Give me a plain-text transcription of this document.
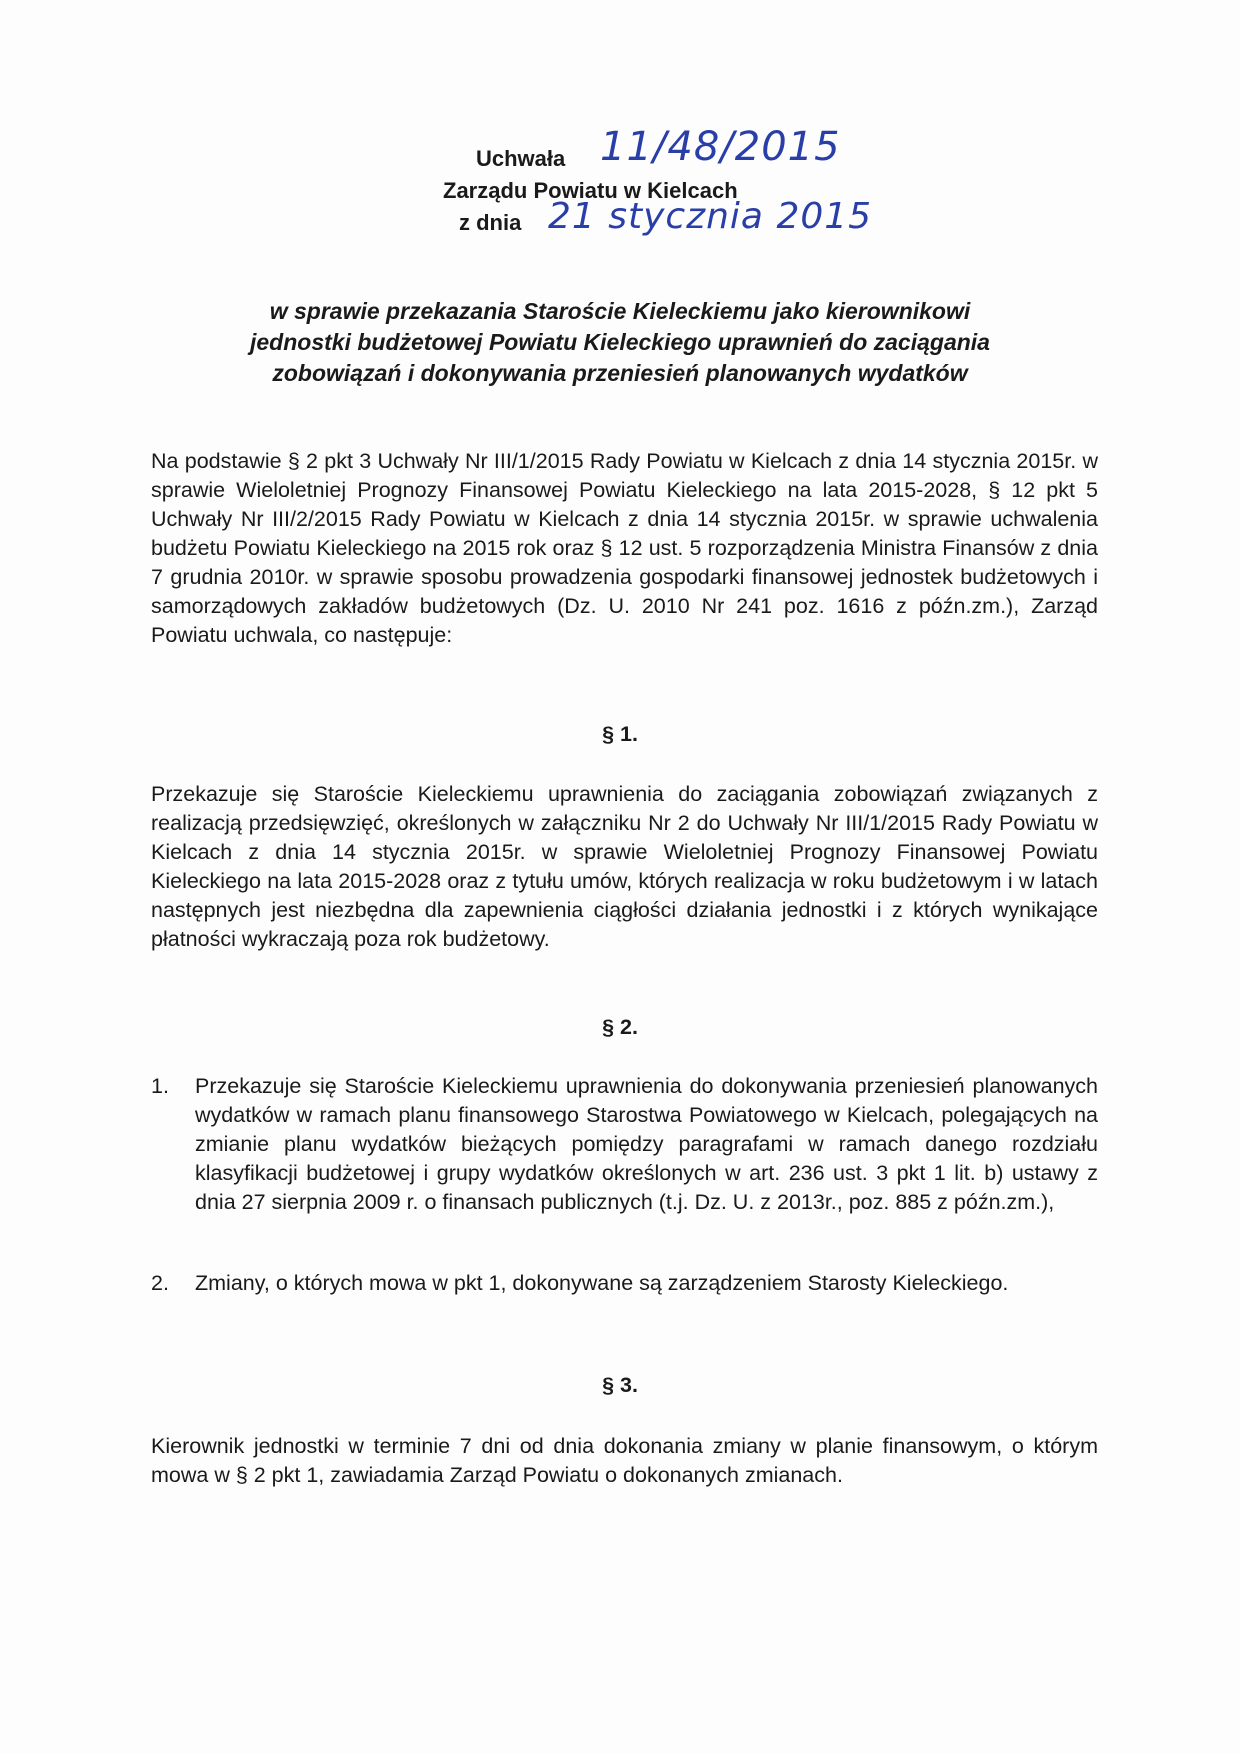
Uchwała 11/48/2015
Zarządu Powiatu w Kielcach
z dnia 21 stycznia 2015
w sprawie przekazania Staroście Kieleckiemu jako kierownikowi
jednostki budżetowej Powiatu Kieleckiego uprawnień do zaciągania
zobowiązań i dokonywania przeniesień planowanych wydatków
Na podstawie § 2 pkt 3 Uchwały Nr III/1/2015 Rady Powiatu w Kielcach z dnia 14 stycznia 2015r. w sprawie Wieloletniej Prognozy Finansowej Powiatu Kieleckiego na lata 2015-2028, § 12 pkt 5 Uchwały Nr III/2/2015 Rady Powiatu w Kielcach z dnia 14 stycznia 2015r. w sprawie uchwalenia budżetu Powiatu Kieleckiego na 2015 rok oraz § 12 ust. 5 rozporządzenia Ministra Finansów z dnia 7 grudnia 2010r. w sprawie sposobu prowadzenia gospodarki finansowej jednostek budżetowych i samorządowych zakładów budżetowych (Dz. U. 2010 Nr 241 poz. 1616 z późn.zm.), Zarząd Powiatu uchwala, co następuje:
§ 1.
Przekazuje się Staroście Kieleckiemu uprawnienia do zaciągania zobowiązań związanych z realizacją przedsięwzięć, określonych w załączniku Nr 2 do Uchwały Nr III/1/2015 Rady Powiatu w Kielcach z dnia 14 stycznia 2015r. w sprawie Wieloletniej Prognozy Finansowej Powiatu Kieleckiego na lata 2015-2028 oraz z tytułu umów, których realizacja w roku budżetowym i w latach następnych jest niezbędna dla zapewnienia ciągłości działania jednostki i z których wynikające płatności wykraczają poza rok budżetowy.
§ 2.
1.	Przekazuje się Staroście Kieleckiemu uprawnienia do dokonywania przeniesień planowanych wydatków w ramach planu finansowego Starostwa Powiatowego w Kielcach, polegających na zmianie planu wydatków bieżących pomiędzy paragrafami w ramach danego rozdziału klasyfikacji budżetowej i grupy wydatków określonych w art. 236 ust. 3 pkt 1 lit. b) ustawy z dnia 27 sierpnia 2009 r. o finansach publicznych (t.j. Dz. U. z 2013r., poz. 885 z późn.zm.),
2.	Zmiany, o których mowa w pkt 1, dokonywane są zarządzeniem Starosty Kieleckiego.
§ 3.
Kierownik jednostki w terminie 7 dni od dnia dokonania zmiany w planie finansowym, o którym mowa w § 2 pkt 1, zawiadamia Zarząd Powiatu o dokonanych zmianach.
